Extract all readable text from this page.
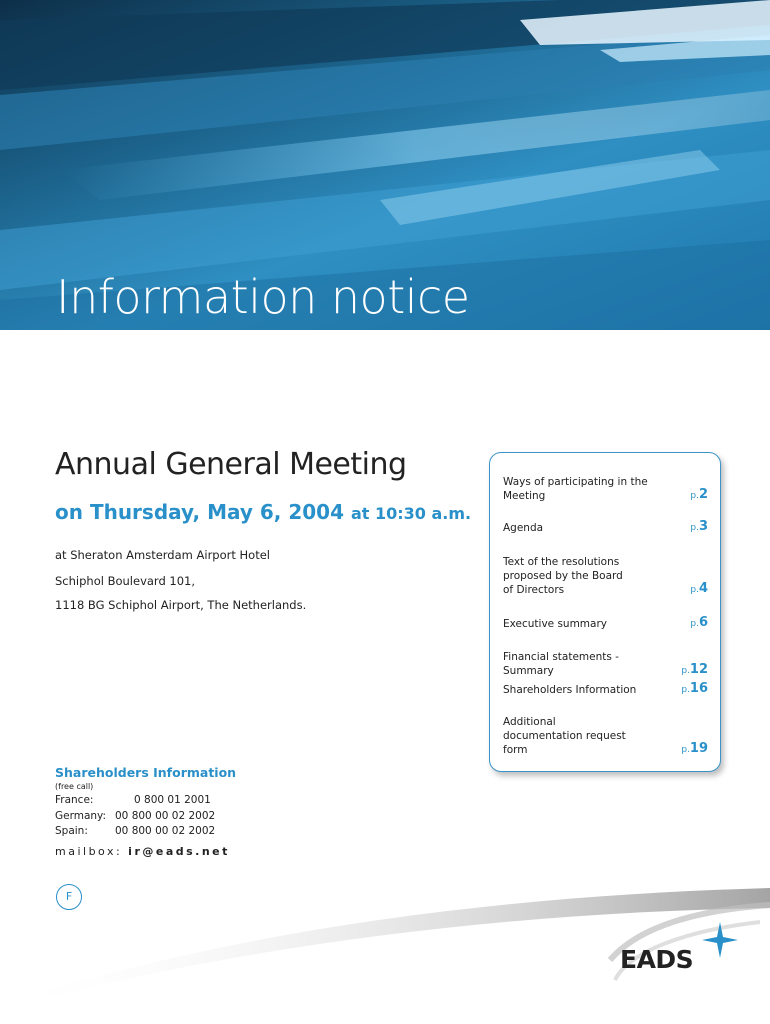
Information notice
Annual General Meeting
on Thursday, May 6, 2004 at 10:30 a.m.
at Sheraton Amsterdam Airport Hotel
Schiphol Boulevard 101,
1118 BG Schiphol Airport, The Netherlands.
Ways of participating in the Meeting	p.2
Agenda	p.3
Text of the resolutions proposed by the Board of Directors	p.4
Executive summary	p.6
Financial statements - Summary	p.12
Shareholders Information	p.16
Additional documentation request form	p.19
Shareholders Information
(free call)
France:	0 800 01 2001
Germany: 00 800 00 02 2002
Spain:	00 800 00 02 2002
mailbox: ir@eads.net
F
EADS
